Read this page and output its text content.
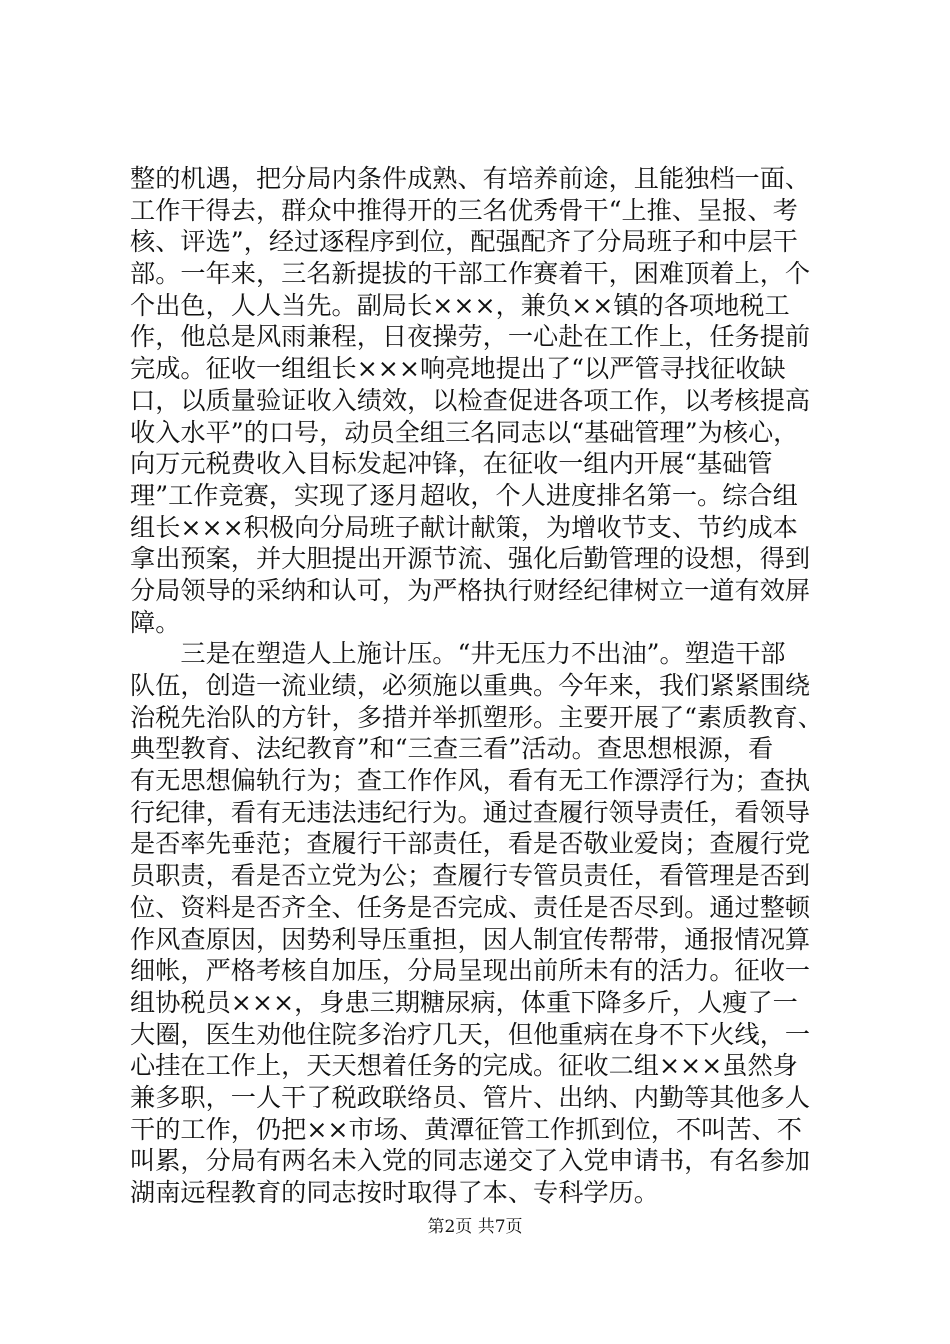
整的机遇，把分局内条件成熟、有培养前途，且能独档一面、
工作干得去，群众中推得开的三名优秀骨干“上推、呈报、考
核、评选”，经过逐程序到位，配强配齐了分局班子和中层干
部。一年来，三名新提拔的干部工作赛着干，困难顶着上，个
个出色，人人当先。副局长×××，兼负××镇的各项地税工
作，他总是风雨兼程，日夜操劳，一心赴在工作上，任务提前
完成。征收一组组长×××响亮地提出了“以严管寻找征收缺
口，以质量验证收入绩效，以检查促进各项工作，以考核提高
收入水平”的口号，动员全组三名同志以“基础管理”为核心，
向万元税费收入目标发起冲锋，在征收一组内开展“基础管
理”工作竞赛，实现了逐月超收，个人进度排名第一。综合组
组长×××积极向分局班子献计献策，为增收节支、节约成本
拿出预案，并大胆提出开源节流、强化后勤管理的设想，得到
分局领导的采纳和认可，为严格执行财经纪律树立一道有效屏
障。
　　三是在塑造人上施计压。“井无压力不出油”。塑造干部
队伍，创造一流业绩，必须施以重典。今年来，我们紧紧围绕
治税先治队的方针，多措并举抓塑形。主要开展了“素质教育、
典型教育、法纪教育”和“三查三看”活动。查思想根源，看
有无思想偏轨行为；查工作作风，看有无工作漂浮行为；查执
行纪律，看有无违法违纪行为。通过查履行领导责任，看领导
是否率先垂范；查履行干部责任，看是否敬业爱岗；查履行党
员职责，看是否立党为公；查履行专管员责任，看管理是否到
位、资料是否齐全、任务是否完成、责任是否尽到。通过整顿
作风查原因，因势利导压重担，因人制宜传帮带，通报情况算
细帐，严格考核自加压，分局呈现出前所未有的活力。征收一
组协税员×××，身患三期糖尿病，体重下降多斤，人瘦了一
大圈，医生劝他住院多治疗几天，但他重病在身不下火线，一
心挂在工作上，天天想着任务的完成。征收二组×××虽然身
兼多职，一人干了税政联络员、管片、出纳、内勤等其他多人
干的工作，仍把××市场、黄潭征管工作抓到位，不叫苦、不
叫累，分局有两名未入党的同志递交了入党申请书，有名参加
湖南远程教育的同志按时取得了本、专科学历。
第2页 共7页
